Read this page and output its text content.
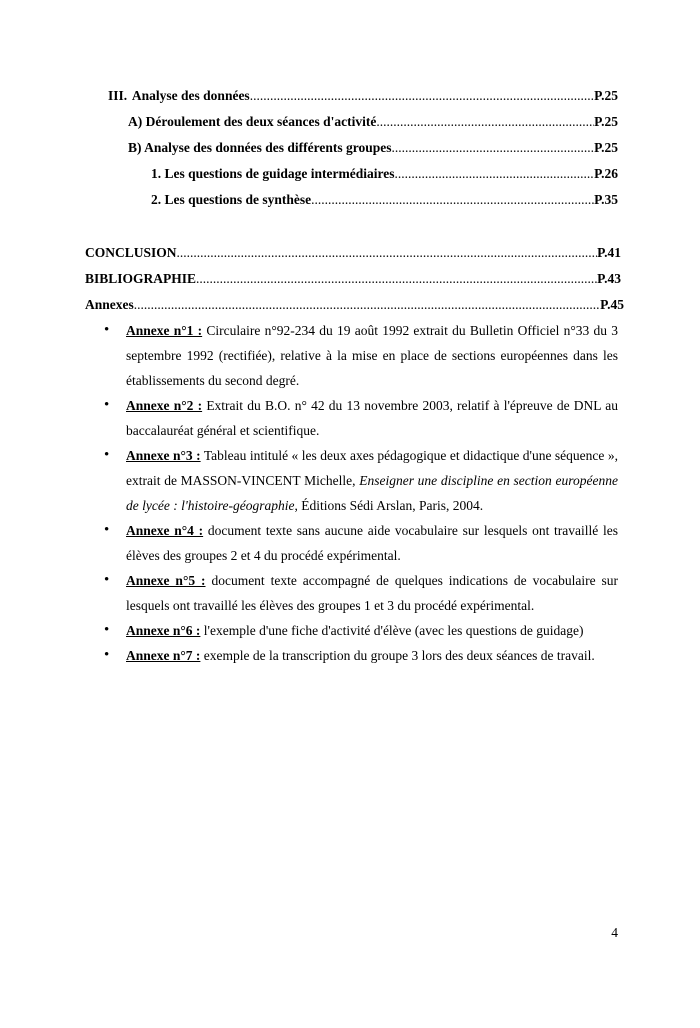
III. Analyse des données .....	P.25
A) Déroulement des deux séances d'activité .....	P.25
B) Analyse des données des différents groupes .....	P.25
1. Les questions de guidage intermédiaires .....	P.26
2. Les questions de synthèse .....	P.35
CONCLUSION .....	P.41
BIBLIOGRAPHIE .....	P.43
Annexes .....	P.45
• Annexe n°1 : Circulaire n°92-234 du 19 août 1992 extrait du Bulletin Officiel n°33 du 3 septembre 1992 (rectifiée), relative à la mise en place de sections européennes dans les établissements du second degré.
• Annexe n°2 : Extrait du B.O. n° 42 du 13 novembre 2003, relatif à l'épreuve de DNL au baccalauréat général et scientifique.
• Annexe n°3 : Tableau intitulé « les deux axes pédagogique et didactique d'une séquence », extrait de MASSON-VINCENT Michelle, Enseigner une discipline en section européenne de lycée : l'histoire-géographie, Éditions Sédi Arslan, Paris, 2004.
• Annexe n°4 : document texte sans aucune aide vocabulaire sur lesquels ont travaillé les élèves des groupes 2 et 4 du procédé expérimental.
• Annexe n°5 : document texte accompagné de quelques indications de vocabulaire sur lesquels ont travaillé les élèves des groupes 1 et 3 du procédé expérimental.
• Annexe n°6 : l'exemple d'une fiche d'activité d'élève (avec les questions de guidage)
• Annexe n°7 : exemple de la transcription du groupe 3 lors des deux séances de travail.
4
